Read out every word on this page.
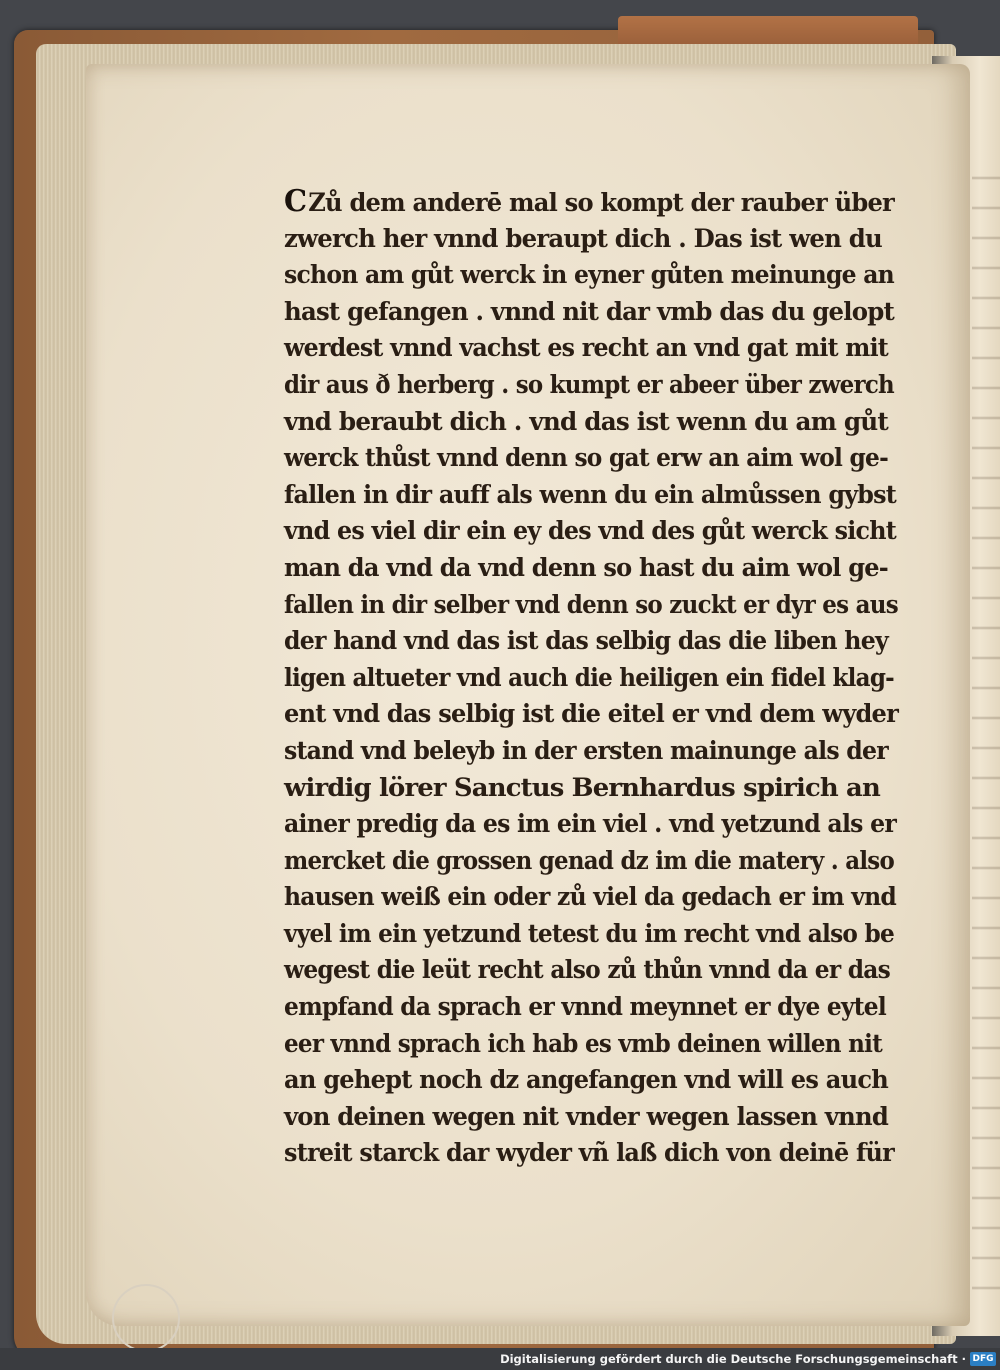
CZů dem anderē mal so kompt der rauber über
zwerch her vnnd beraupt dich . Das ist wen du
schon am gůt werck in eyner gůten meinunge an
hast gefangen . vnnd nit dar vmb das du gelopt
werdest vnnd vachst es recht an vnd gat mit mit
dir aus ð herberg . so kumpt er abeer über zwerch
vnd beraubt dich . vnd das ist wenn du am gůt
werck thůst vnnd denn so gat erw an aim wol ge-
fallen in dir auff als wenn du ein almůssen gybst
vnd es viel dir ein ey des vnd des gůt werck sicht
man da vnd da vnd denn so hast du aim wol ge-
fallen in dir selber vnd denn so zuckt er dyr es aus
der hand vnd das ist das selbig das die liben hey
ligen altueter vnd auch die heiligen ein fidel klag-
ent vnd das selbig ist die eitel er vnd dem wyder
stand vnd beleyb in der ersten mainunge als der
wirdig lörer Sanctus Bernhardus spirich an
ainer predig da es im ein viel . vnd yetzund als er
mercket die grossen genad dz im die matery . also
hausen weiß ein oder zů viel da gedach er im vnd
vyel im ein yetzund tetest du im recht vnd also be
wegest die leüt recht also zů thůn vnnd da er das
empfand da sprach er vnnd meynnet er dye eytel
eer vnnd sprach ich hab es vmb deinen willen nit
an gehept noch dz angefangen vnd will es auch
von deinen wegen nit vnder wegen lassen vnnd
streit starck dar wyder vñ laß dich von deinē für
Digitalisierung gefördert durch die Deutsche Forschungsgemeinschaft · DFG
